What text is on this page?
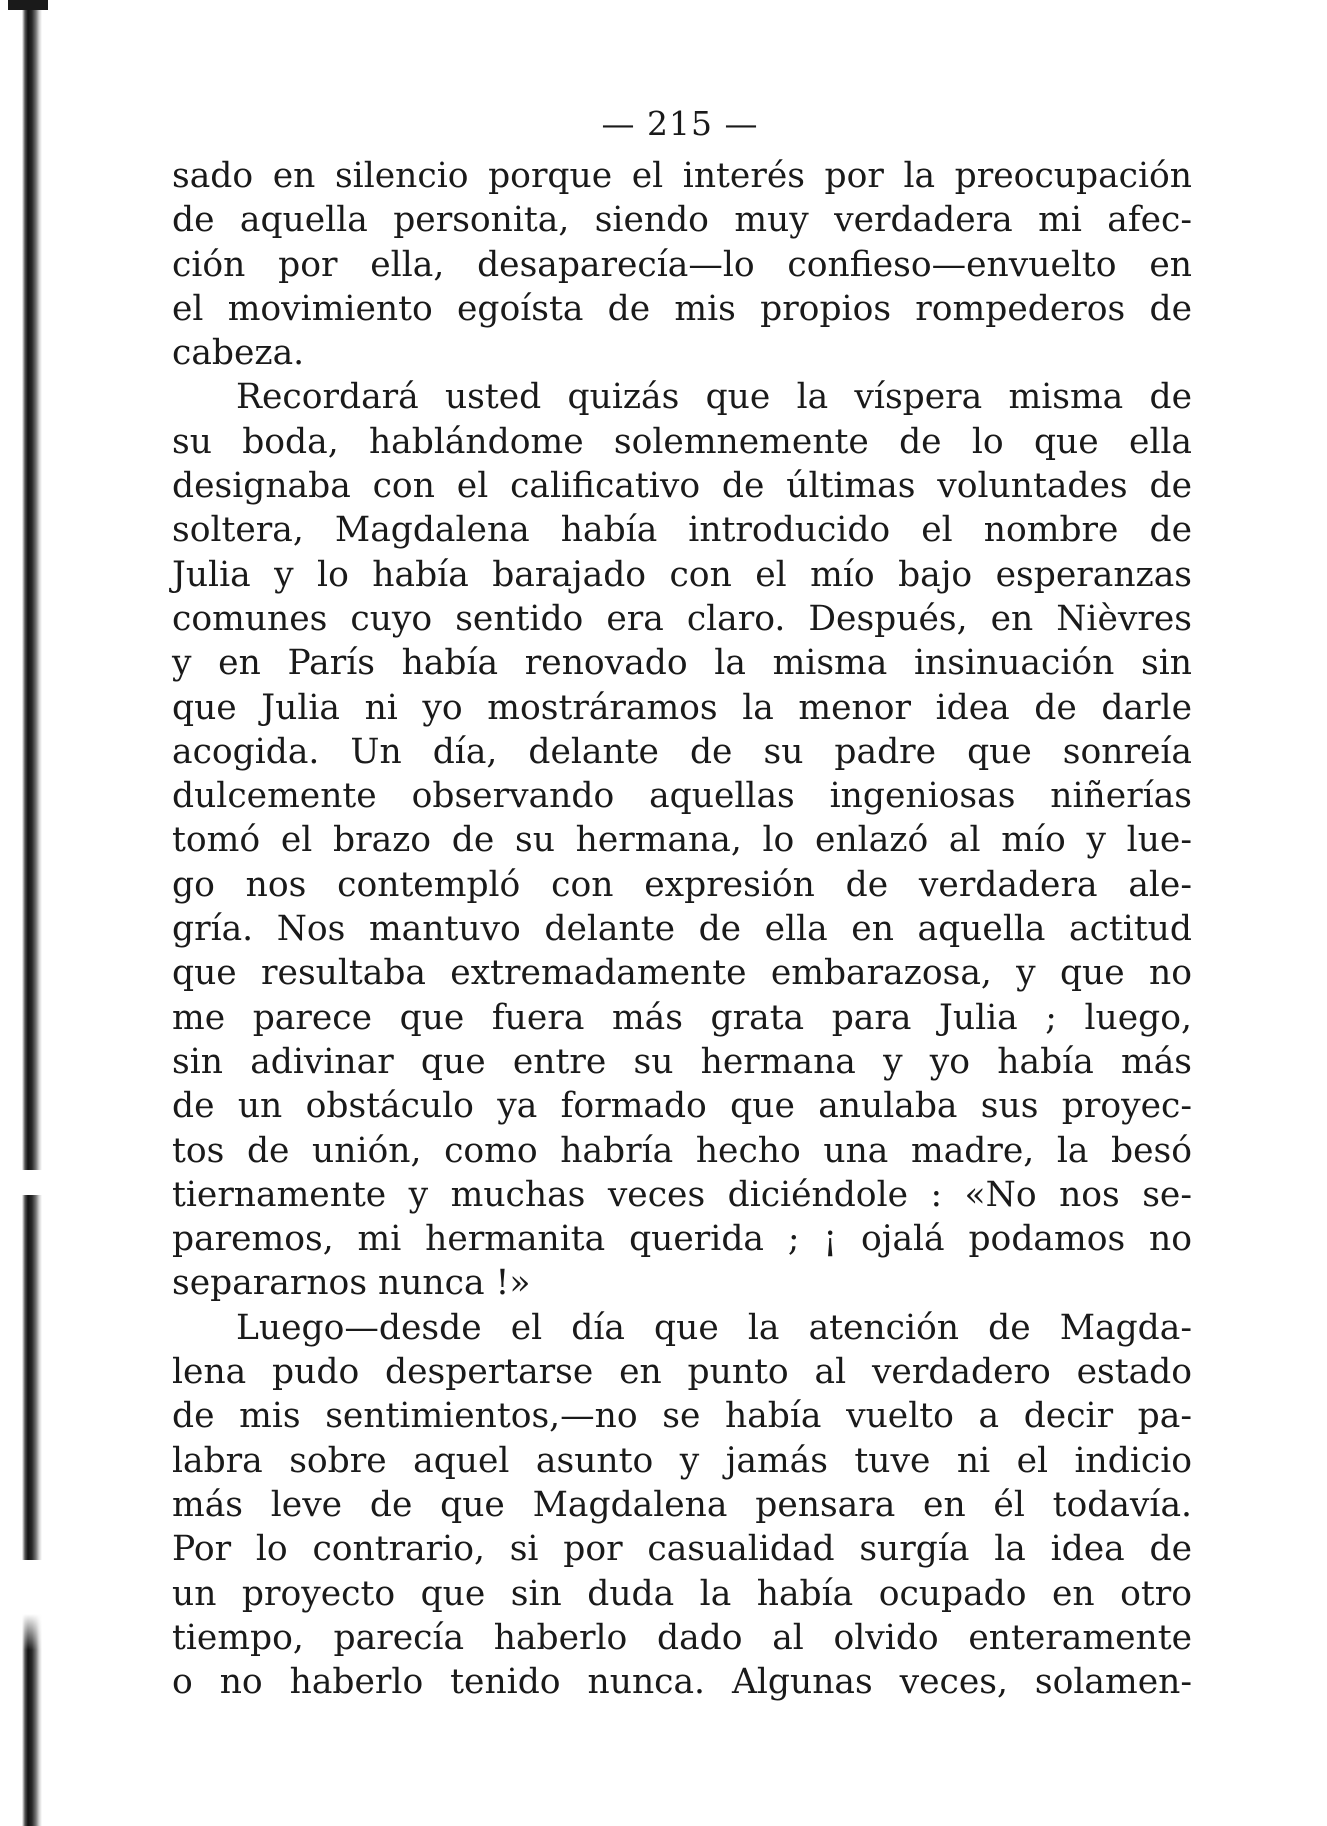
— 215 —
sado en silencio porque el interés por la preocupación
de aquella personita, siendo muy verdadera mi afec-
ción por ella, desaparecía—lo confieso—envuelto en
el movimiento egoísta de mis propios rompederos de
cabeza.
Recordará usted quizás que la víspera misma de
su boda, hablándome solemnemente de lo que ella
designaba con el calificativo de últimas voluntades de
soltera, Magdalena había introducido el nombre de
Julia y lo había barajado con el mío bajo esperanzas
comunes cuyo sentido era claro. Después, en Nièvres
y en París había renovado la misma insinuación sin
que Julia ni yo mostráramos la menor idea de darle
acogida. Un día, delante de su padre que sonreía
dulcemente observando aquellas ingeniosas niñerías
tomó el brazo de su hermana, lo enlazó al mío y lue-
go nos contempló con expresión de verdadera ale-
gría. Nos mantuvo delante de ella en aquella actitud
que resultaba extremadamente embarazosa, y que no
me parece que fuera más grata para Julia ; luego,
sin adivinar que entre su hermana y yo había más
de un obstáculo ya formado que anulaba sus proyec-
tos de unión, como habría hecho una madre, la besó
tiernamente y muchas veces diciéndole : «No nos se-
paremos, mi hermanita querida ; ¡ ojalá podamos no
separarnos nunca !»
Luego—desde el día que la atención de Magda-
lena pudo despertarse en punto al verdadero estado
de mis sentimientos,—no se había vuelto a decir pa-
labra sobre aquel asunto y jamás tuve ni el indicio
más leve de que Magdalena pensara en él todavía.
Por lo contrario, si por casualidad surgía la idea de
un proyecto que sin duda la había ocupado en otro
tiempo, parecía haberlo dado al olvido enteramente
o no haberlo tenido nunca. Algunas veces, solamen-
